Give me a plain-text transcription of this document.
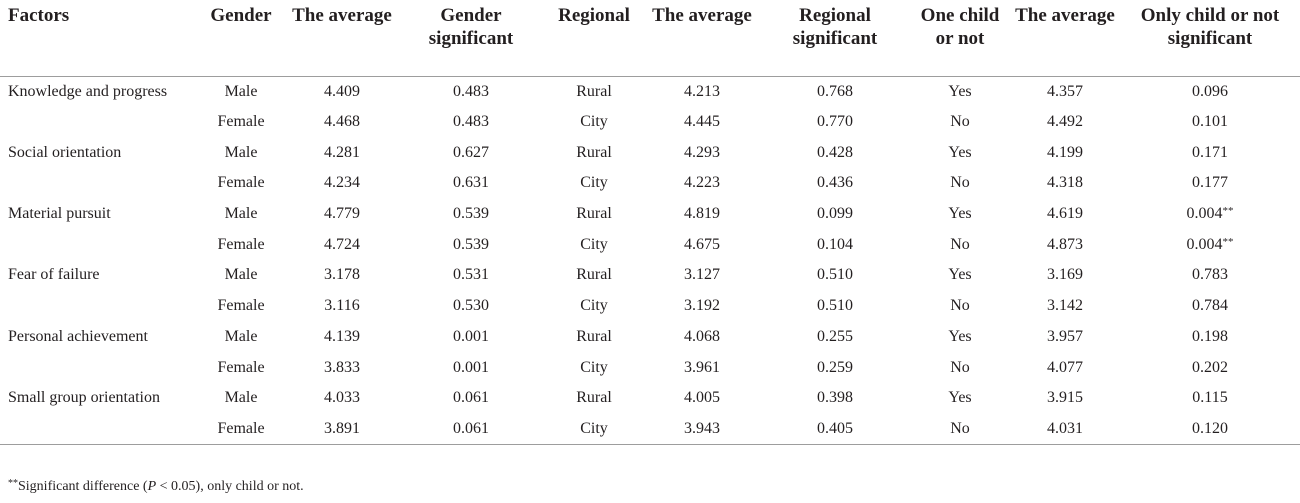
Factors	Gender	The average	Gender significant	Regional	The average	Regional significant	One child or not	The average	Only child or not significant
Knowledge and progress	Male	4.409	0.483	Rural	4.213	0.768	Yes	4.357	0.096
	Female	4.468	0.483	City	4.445	0.770	No	4.492	0.101
Social orientation	Male	4.281	0.627	Rural	4.293	0.428	Yes	4.199	0.171
	Female	4.234	0.631	City	4.223	0.436	No	4.318	0.177
Material pursuit	Male	4.779	0.539	Rural	4.819	0.099	Yes	4.619	0.004**
	Female	4.724	0.539	City	4.675	0.104	No	4.873	0.004**
Fear of failure	Male	3.178	0.531	Rural	3.127	0.510	Yes	3.169	0.783
	Female	3.116	0.530	City	3.192	0.510	No	3.142	0.784
Personal achievement	Male	4.139	0.001	Rural	4.068	0.255	Yes	3.957	0.198
	Female	3.833	0.001	City	3.961	0.259	No	4.077	0.202
Small group orientation	Male	4.033	0.061	Rural	4.005	0.398	Yes	3.915	0.115
	Female	3.891	0.061	City	3.943	0.405	No	4.031	0.120
**Significant difference (P < 0.05), only child or not.
